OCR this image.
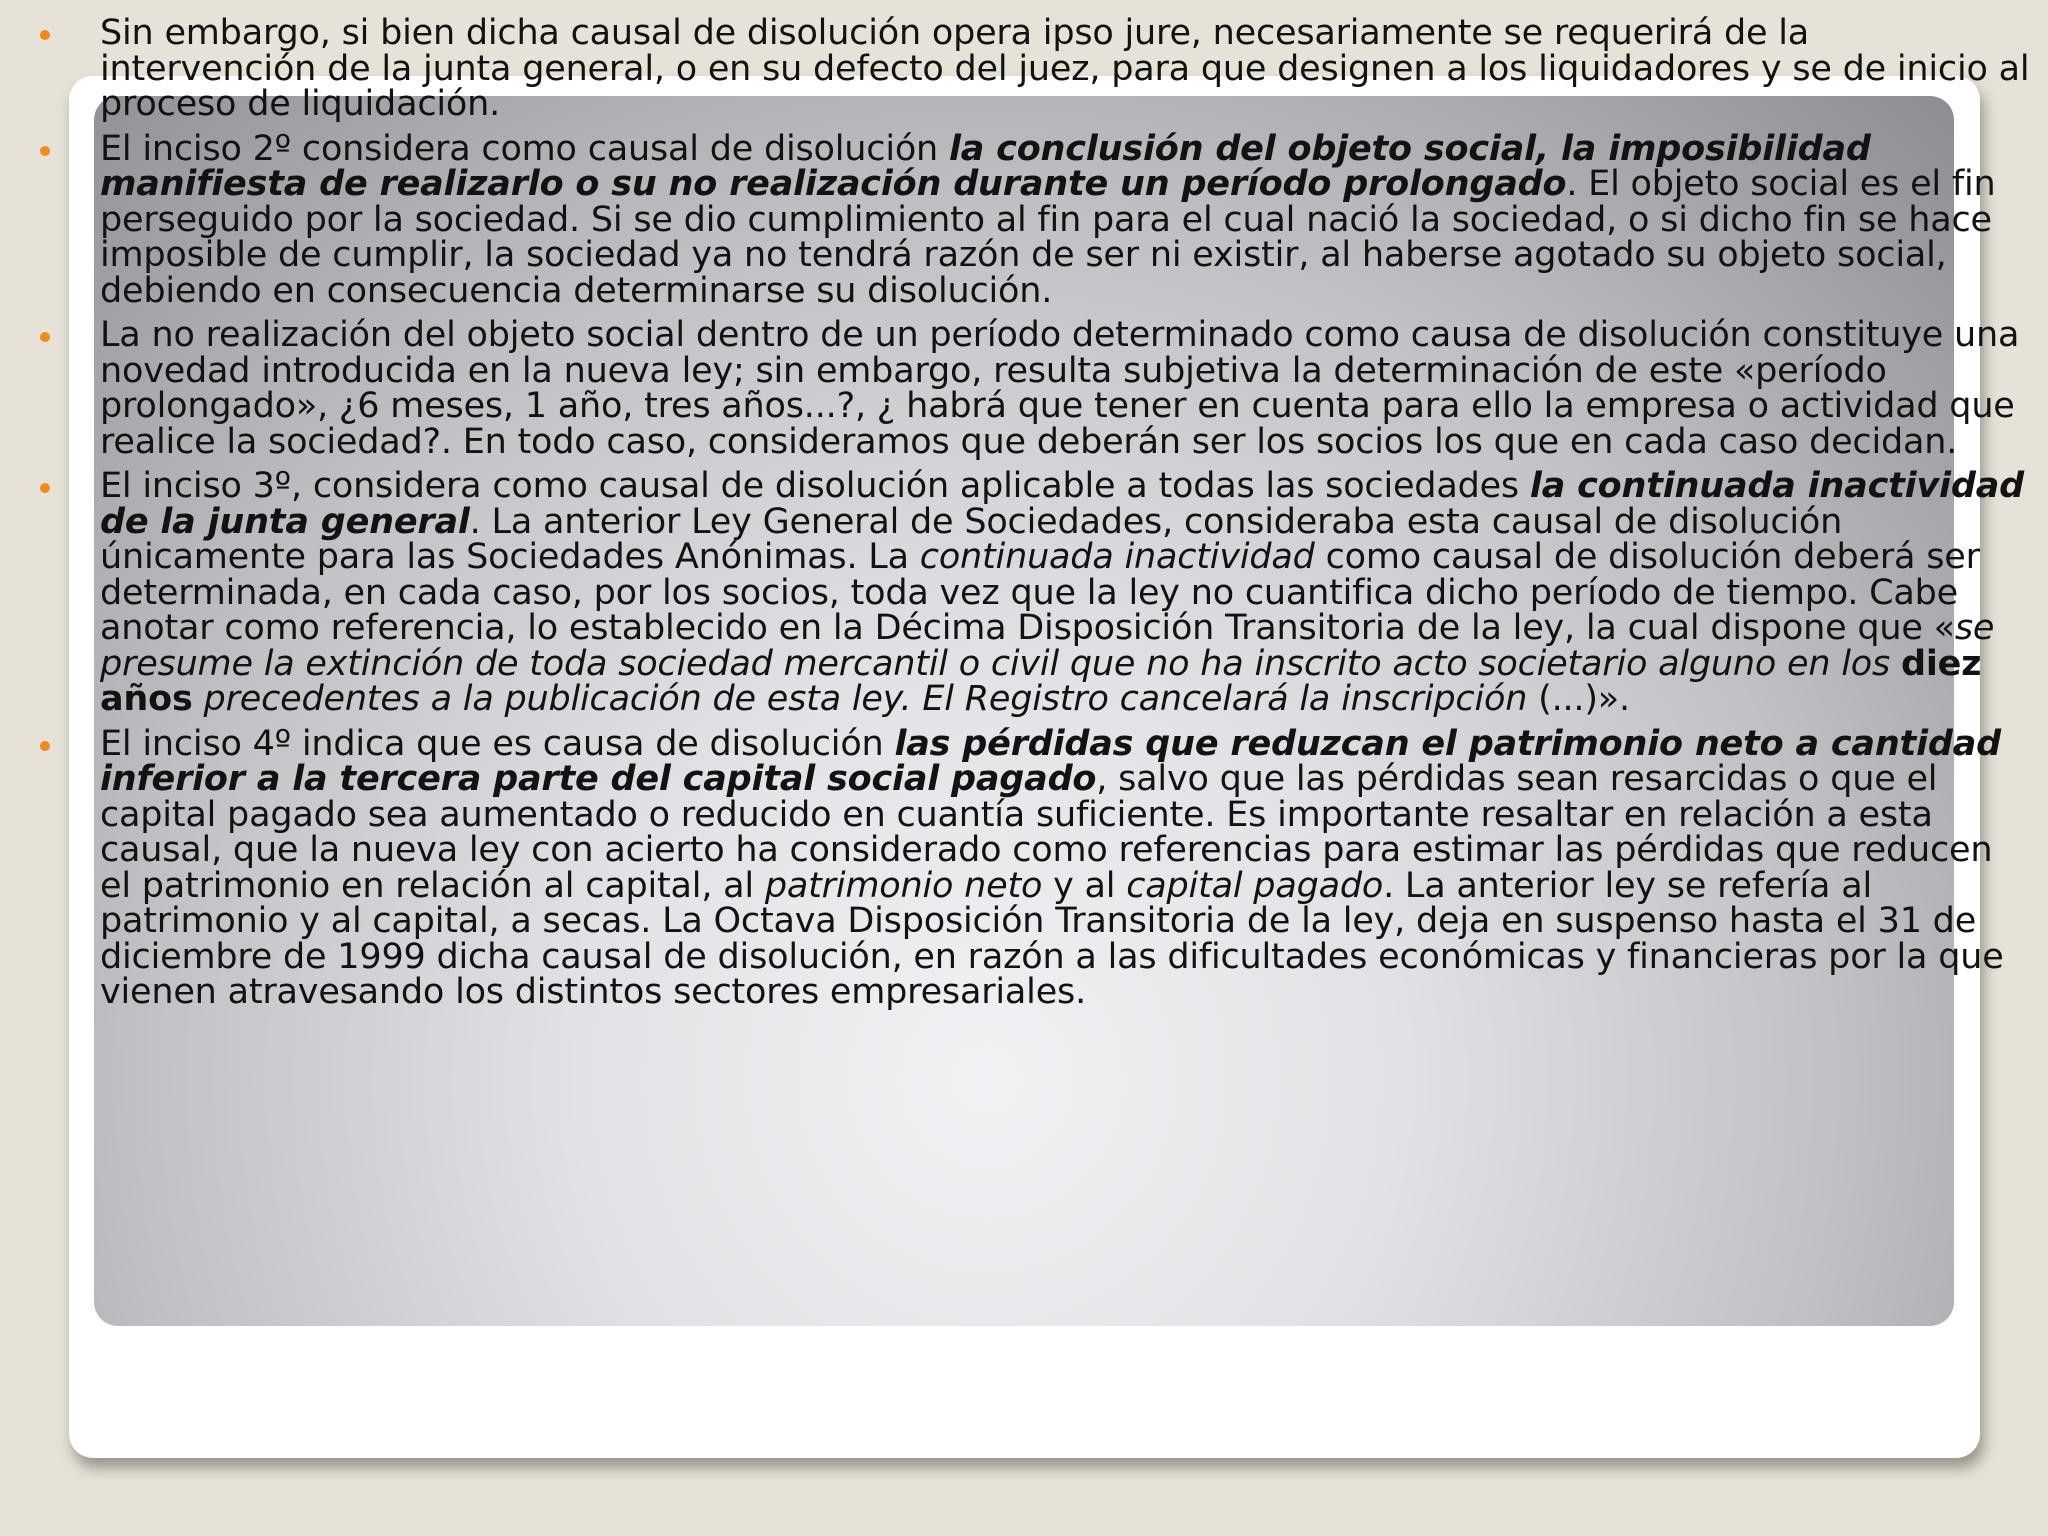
Sin embargo, si bien dicha causal de disolución opera ipso jure, necesariamente se requerirá de la intervención de la junta general, o en su defecto del juez, para que designen a los liquidadores y se de inicio al proceso de liquidación.
El inciso 2º considera como causal de disolución la conclusión del objeto social, la imposibilidad manifiesta de realizarlo o su no realización durante un período prolongado. El objeto social es el fin perseguido por la sociedad. Si se dio cumplimiento al fin para el cual nació la sociedad, o si dicho fin se hace imposible de cumplir, la sociedad ya no tendrá razón de ser ni existir, al haberse agotado su objeto social, debiendo en consecuencia determinarse su disolución.
La no realización del objeto social dentro de un período determinado como causa de disolución constituye una novedad introducida en la nueva ley; sin embargo, resulta subjetiva la determinación de este «período prolongado», ¿6 meses, 1 año, tres años...?, ¿ habrá que tener en cuenta para ello la empresa o actividad que realice la sociedad?. En todo caso, consideramos que deberán ser los socios los que en cada caso decidan.
El inciso 3º, considera como causal de disolución aplicable a todas las sociedades la continuada inactividad de la junta general. La anterior Ley General de Sociedades, consideraba esta causal de disolución únicamente para las Sociedades Anónimas. La continuada inactividad como causal de disolución deberá ser determinada, en cada caso, por los socios, toda vez que la ley no cuantifica dicho período de tiempo. Cabe anotar como referencia, lo establecido en la Décima Disposición Transitoria de la ley, la cual dispone que «se presume la extinción de toda sociedad mercantil o civil que no ha inscrito acto societario alguno en los diez años precedentes a la publicación de esta ley. El Registro cancelará la inscripción (...)».
El inciso 4º indica que es causa de disolución las pérdidas que reduzcan el patrimonio neto a cantidad inferior a la tercera parte del capital social pagado, salvo que las pérdidas sean resarcidas o que el capital pagado sea aumentado o reducido en cuantía suficiente. Es importante resaltar en relación a esta causal, que la nueva ley con acierto ha considerado como referencias para estimar las pérdidas que reducen el patrimonio en relación al capital, al patrimonio neto y al capital pagado. La anterior ley se refería al patrimonio y al capital, a secas. La Octava Disposición Transitoria de la ley, deja en suspenso hasta el 31 de diciembre de 1999 dicha causal de disolución, en razón a las dificultades económicas y financieras por la que vienen atravesando los distintos sectores empresariales.
